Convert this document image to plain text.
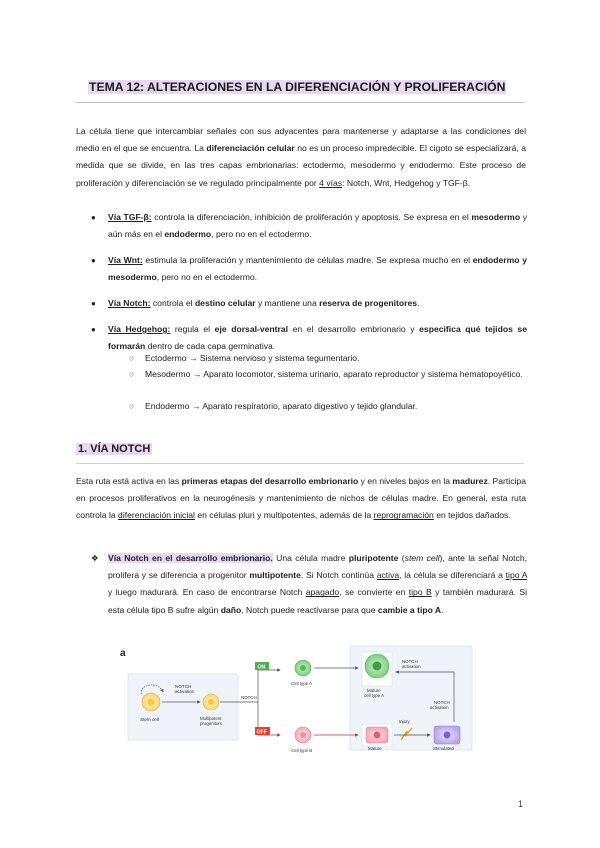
TEMA 12: ALTERACIONES EN LA DIFERENCIACIÓN Y PROLIFERACIÓN
La célula tiene que intercambiar señales con sus adyacentes para mantenerse y adaptarse a las condiciones del medio en el que se encuentra. La diferenciación celular no es un proceso impredecible. El cigoto se especializará, a medida que se divide, en las tres capas embrionarias: ectodermo, mesodermo y endodermo. Este proceso de proliferación y diferenciación se ve regulado principalmente por 4 vías: Notch, Wnt, Hedgehog y TGF-β.
● Vía TGF-β: controla la diferenciación, inhibición de proliferación y apoptosis. Se expresa en el mesodermo y aún más en el endodermo, pero no en el ectodermo.
● Vía Wnt: estimula la proliferación y mantenimiento de células madre. Se expresa mucho en el endodermo y mesodermo, pero no en el ectodermo.
● Vía Notch: controla el destino celular y mantiene una reserva de progenitores.
● Vía Hedgehog: regula el eje dorsal-ventral en el desarrollo embrionario y especifica qué tejidos se formarán dentro de cada capa germinativa.
○ Ectodermo → Sistema nervioso y sistema tegumentario.
○ Mesodermo → Aparato locomotor, sistema urinario, aparato reproductor y sistema hematopoyético.
○ Endodermo → Aparato respiratorio, aparato digestivo y tejido glandular.
1. VÍA NOTCH
Esta ruta está activa en las primeras etapas del desarrollo embrionario y en niveles bajos en la madurez. Participa en procesos proliferativos en la neurogénesis y mantenimiento de nichos de células madre. En general, esta ruta controla la diferenciación inicial en células pluri y multipotentes, además de la reprogramación en tejidos dañados.
❖ Vía Notch en el desarrollo embrionario. Una célula madre pluripotente (stem cell), ante la señal Notch, prolifera y se diferencia a progenitor multipotente. Si Notch continúa activa, la célula se diferenciará a tipo A y luego madurará. En caso de encontrarse Notch apagado, se convierte en tipo B y también madurará. Si esta célula tipo B sufre algún daño, Notch puede reactivarse para que cambie a tipo A.
a
NOTCH
activation
Stem cell	Multipotent
progenitors
NOTCH
ON
OFF
Cell type A
Cell type B
Mature
cell type A
NOTCH
activation
NOTCH
activation
Mature
Injury
Stimulated
1
